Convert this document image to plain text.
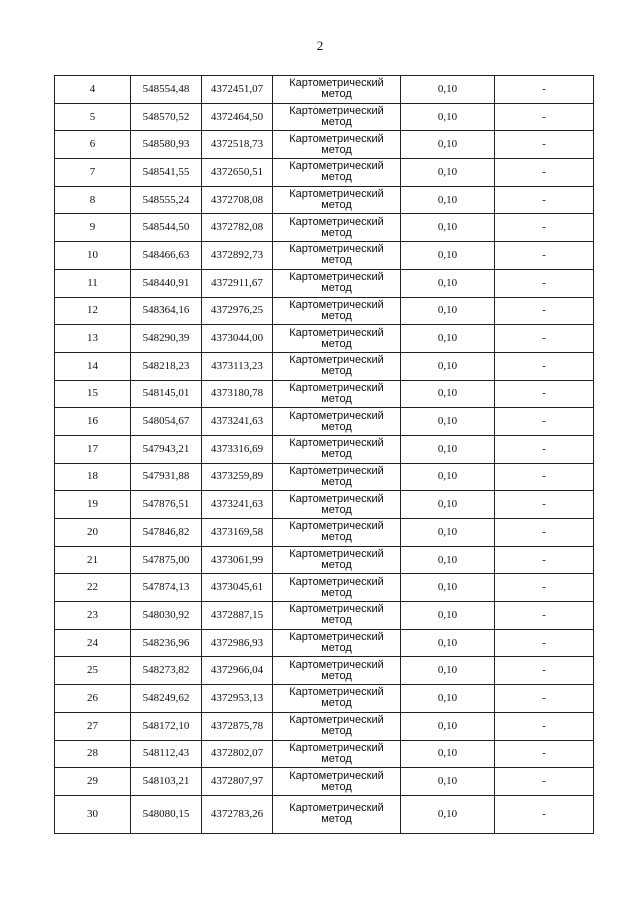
2
4	548554,48	4372451,07	Картометрический метод	0,10	-
5	548570,52	4372464,50	Картометрический метод	0,10	-
6	548580,93	4372518,73	Картометрический метод	0,10	-
7	548541,55	4372650,51	Картометрический метод	0,10	-
8	548555,24	4372708,08	Картометрический метод	0,10	-
9	548544,50	4372782,08	Картометрический метод	0,10	-
10	548466,63	4372892,73	Картометрический метод	0,10	-
11	548440,91	4372911,67	Картометрический метод	0,10	-
12	548364,16	4372976,25	Картометрический метод	0,10	-
13	548290,39	4373044,00	Картометрический метод	0,10	-
14	548218,23	4373113,23	Картометрический метод	0,10	-
15	548145,01	4373180,78	Картометрический метод	0,10	-
16	548054,67	4373241,63	Картометрический метод	0,10	-
17	547943,21	4373316,69	Картометрический метод	0,10	-
18	547931,88	4373259,89	Картометрический метод	0,10	-
19	547876,51	4373241,63	Картометрический метод	0,10	-
20	547846,82	4373169,58	Картометрический метод	0,10	-
21	547875,00	4373061,99	Картометрический метод	0,10	-
22	547874,13	4373045,61	Картометрический метод	0,10	-
23	548030,92	4372887,15	Картометрический метод	0,10	-
24	548236,96	4372986,93	Картометрический метод	0,10	-
25	548273,82	4372966,04	Картометрический метод	0,10	-
26	548249,62	4372953,13	Картометрический метод	0,10	-
27	548172,10	4372875,78	Картометрический метод	0,10	-
28	548112,43	4372802,07	Картометрический метод	0,10	-
29	548103,21	4372807,97	Картометрический метод	0,10	-
30	548080,15	4372783,26	Картометрический метод	0,10	-
